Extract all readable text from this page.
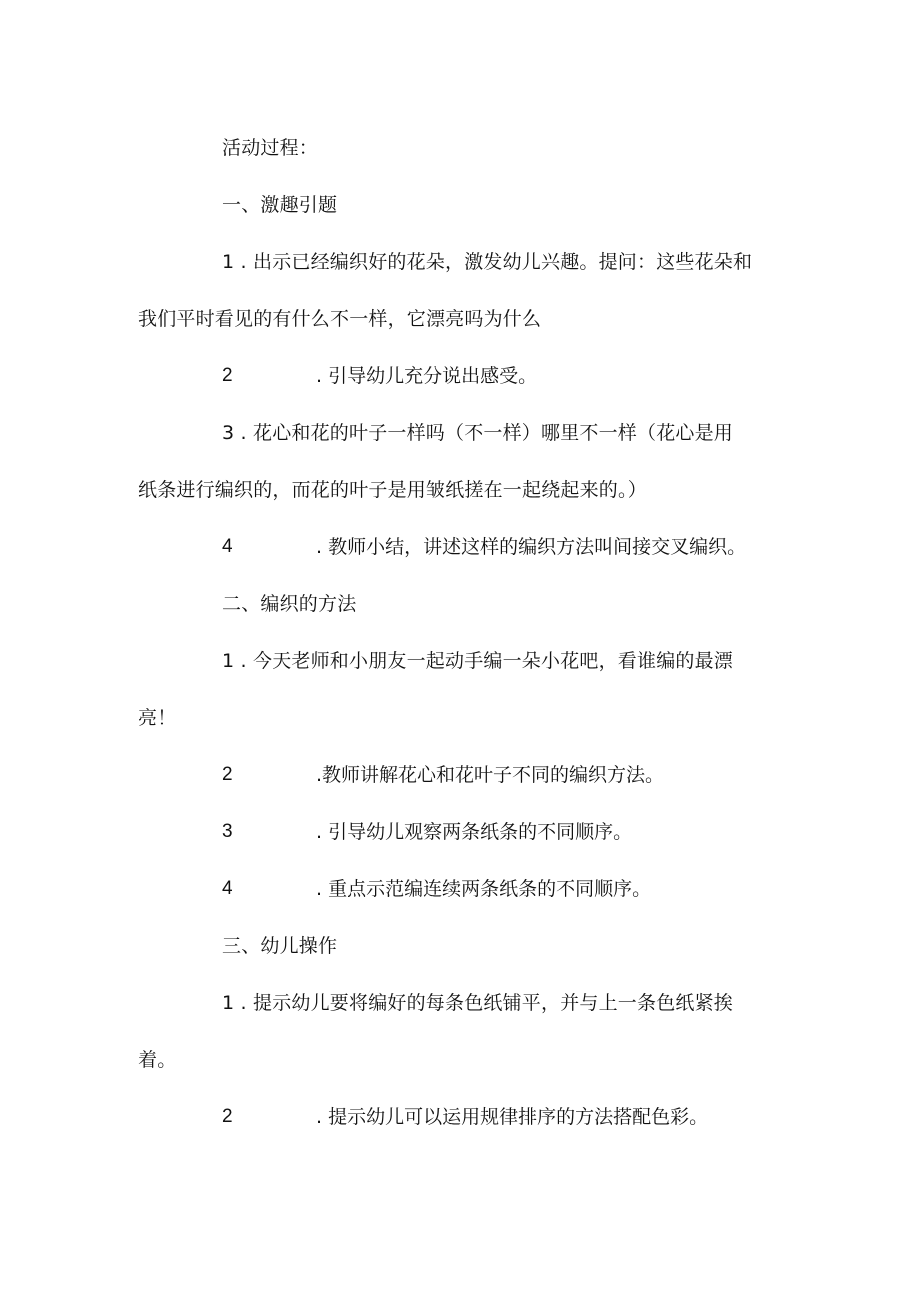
活动过程：
一、激趣引题
1 . 出示已经编织好的花朵，激发幼儿兴趣。提问：这些花朵和
我们平时看见的有什么不一样，它漂亮吗为什么
2	. 引导幼儿充分说出感受。
3 . 花心和花的叶子一样吗（不一样）哪里不一样（花心是用
纸条进行编织的，而花的叶子是用皱纸搓在一起绕起来的。）
4	. 教师小结，讲述这样的编织方法叫间接交叉编织。
二、编织的方法
1 . 今天老师和小朋友一起动手编一朵小花吧，看谁编的最漂
亮！
2	.教师讲解花心和花叶子不同的编织方法。
3	. 引导幼儿观察两条纸条的不同顺序。
4	. 重点示范编连续两条纸条的不同顺序。
三、幼儿操作
1 . 提示幼儿要将编好的每条色纸铺平，并与上一条色纸紧挨
着。
2	. 提示幼儿可以运用规律排序的方法搭配色彩。
